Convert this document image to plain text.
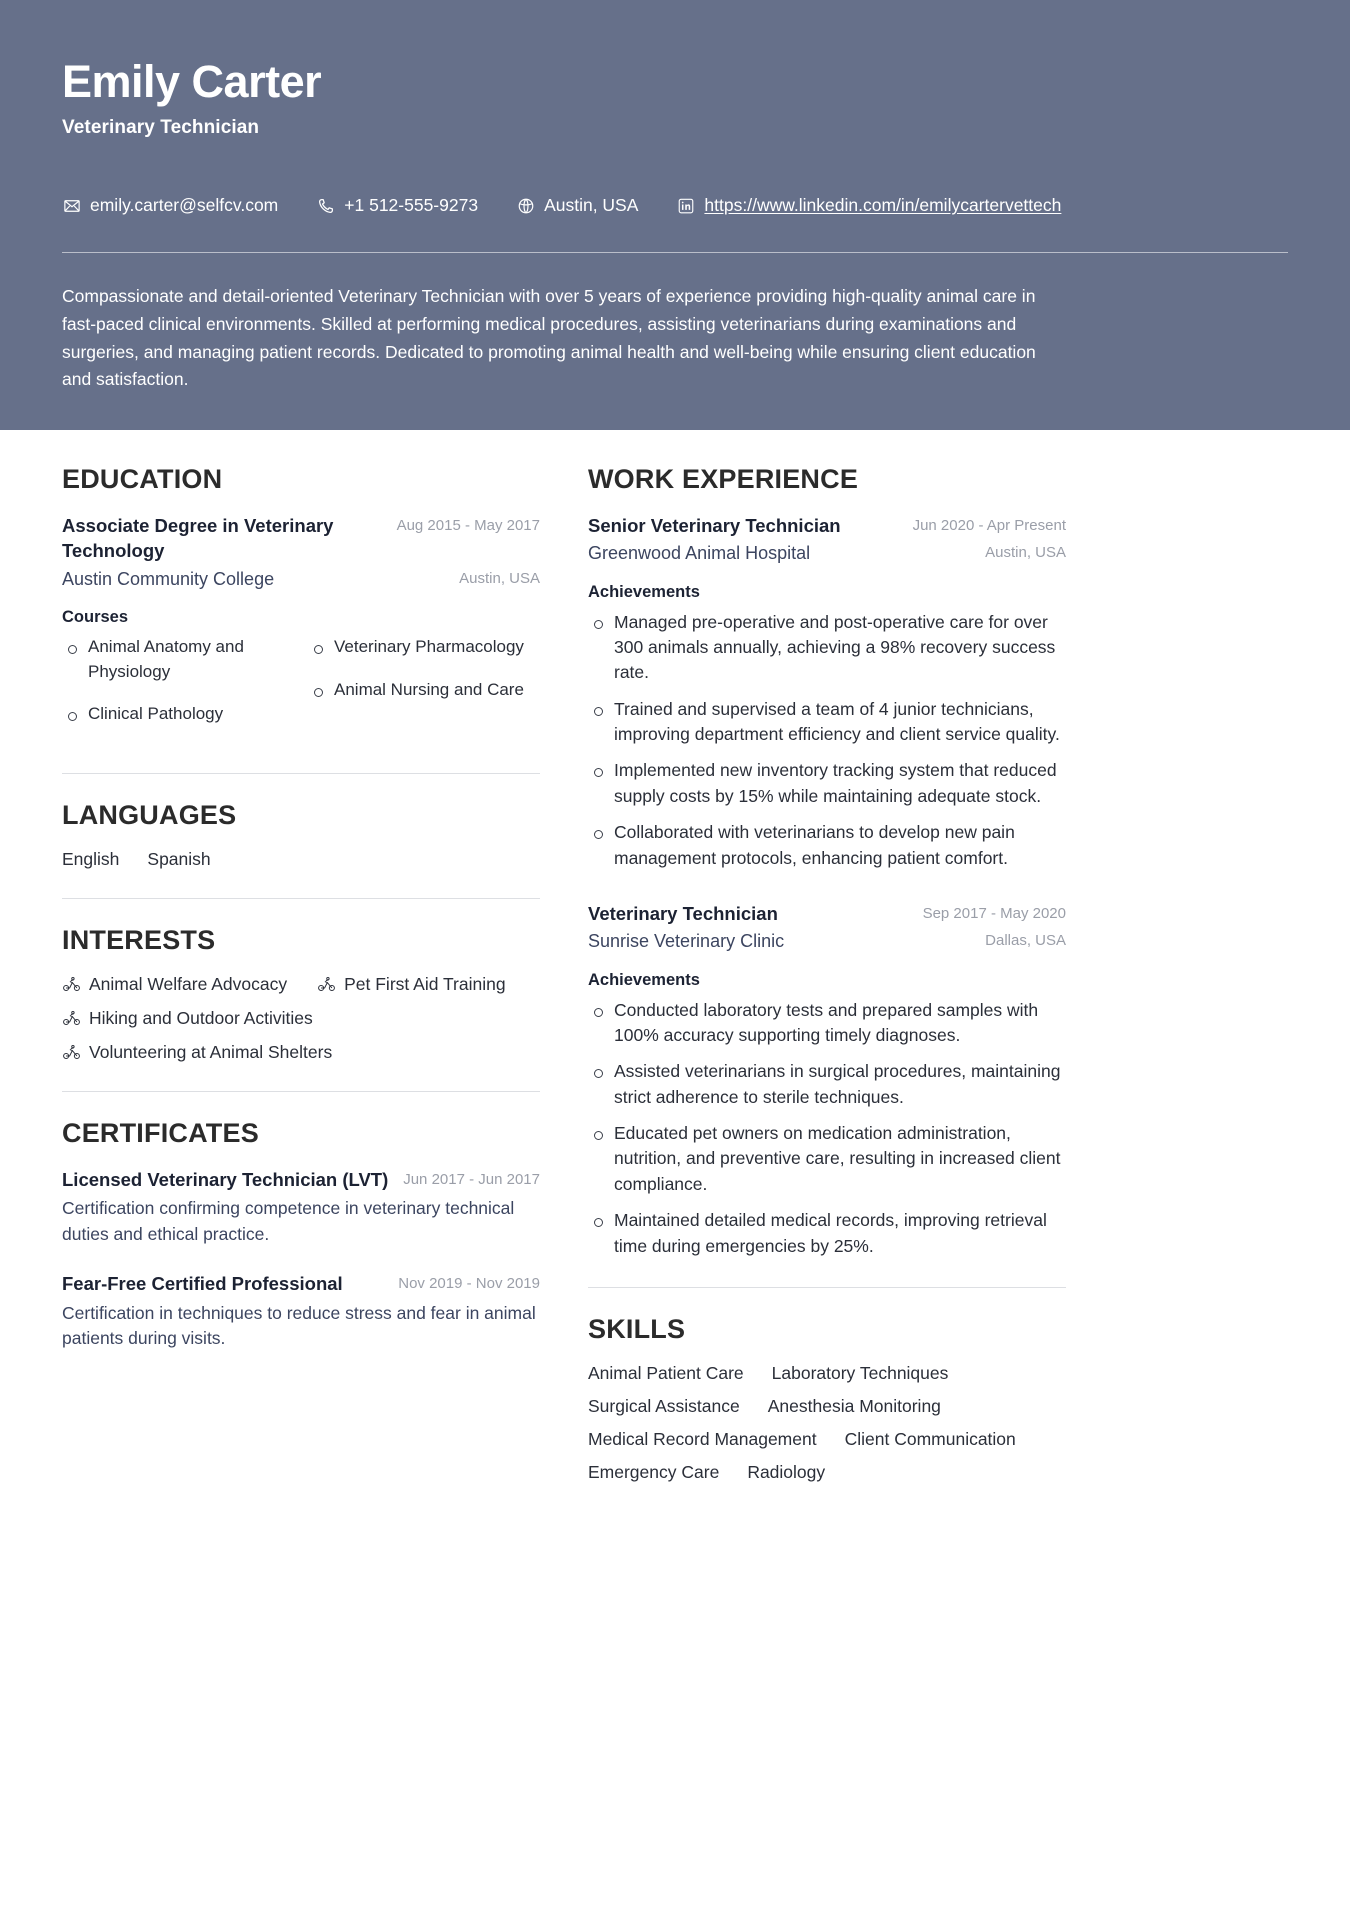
Emily Carter
Veterinary Technician
emily.carter@selfcv.com	+1 512-555-9273	Austin, USA	https://www.linkedin.com/in/emilycartervettech
Compassionate and detail-oriented Veterinary Technician with over 5 years of experience providing high-quality animal care in fast-paced clinical environments. Skilled at performing medical procedures, assisting veterinarians during examinations and surgeries, and managing patient records. Dedicated to promoting animal health and well-being while ensuring client education and satisfaction.
EDUCATION
Associate Degree in Veterinary Technology
Aug 2015 - May 2017
Austin Community College	Austin, USA
Courses
Animal Anatomy and Physiology
Clinical Pathology
Veterinary Pharmacology
Animal Nursing and Care
LANGUAGES
English Spanish
INTERESTS
Animal Welfare Advocacy	Pet First Aid Training
Hiking and Outdoor Activities
Volunteering at Animal Shelters
CERTIFICATES
Licensed Veterinary Technician (LVT) Jun 2017 - Jun 2017
Certification confirming competence in veterinary technical duties and ethical practice.
Fear-Free Certified Professional	Nov 2019 - Nov 2019
Certification in techniques to reduce stress and fear in animal patients during visits.
WORK EXPERIENCE
Senior Veterinary Technician	Jun 2020 - Apr Present
Greenwood Animal Hospital	Austin, USA
Achievements
Managed pre-operative and post-operative care for over 300 animals annually, achieving a 98% recovery success rate.
Trained and supervised a team of 4 junior technicians, improving department efficiency and client service quality.
Implemented new inventory tracking system that reduced supply costs by 15% while maintaining adequate stock.
Collaborated with veterinarians to develop new pain management protocols, enhancing patient comfort.
Veterinary Technician	Sep 2017 - May 2020
Sunrise Veterinary Clinic	Dallas, USA
Achievements
Conducted laboratory tests and prepared samples with 100% accuracy supporting timely diagnoses.
Assisted veterinarians in surgical procedures, maintaining strict adherence to sterile techniques.
Educated pet owners on medication administration, nutrition, and preventive care, resulting in increased client compliance.
Maintained detailed medical records, improving retrieval time during emergencies by 25%.
SKILLS
Animal Patient Care Laboratory Techniques
Surgical Assistance Anesthesia Monitoring
Medical Record Management Client Communication
Emergency Care Radiology
